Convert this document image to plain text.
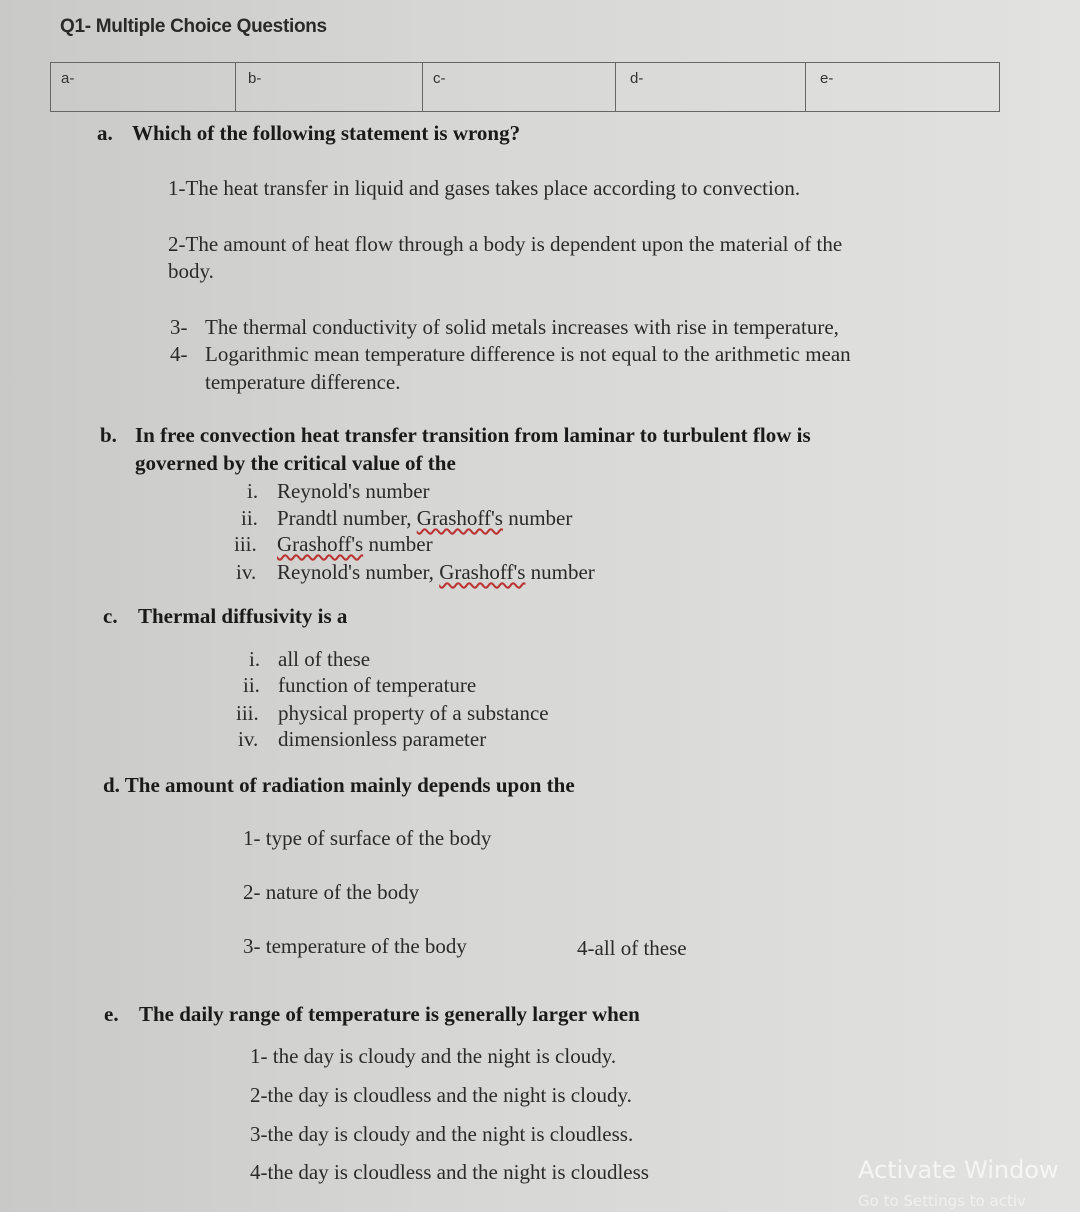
Q1- Multiple Choice Questions
a-	b-	c-	d-	e-
a. Which of the following statement is wrong?
1-The heat transfer in liquid and gases takes place according to convection.
2-The amount of heat flow through a body is dependent upon the material of the
body.
3- The thermal conductivity of solid metals increases with rise in temperature,
4- Logarithmic mean temperature difference is not equal to the arithmetic mean
temperature difference.
b. In free convection heat transfer transition from laminar to turbulent flow is
governed by the critical value of the
i. Reynold's number
ii. Prandtl number, Grashoff's number
iii. Grashoff's number
iv. Reynold's number, Grashoff's number
c. Thermal diffusivity is a
i. all of these
ii. function of temperature
iii. physical property of a substance
iv. dimensionless parameter
d. The amount of radiation mainly depends upon the
1- type of surface of the body
2- nature of the body
3- temperature of the body	4-all of these
e. The daily range of temperature is generally larger when
1- the day is cloudy and the night is cloudy.
2-the day is cloudless and the night is cloudy.
3-the day is cloudy and the night is cloudless.
4-the day is cloudless and the night is cloudless	Activate Window
Go to Settings to activ
